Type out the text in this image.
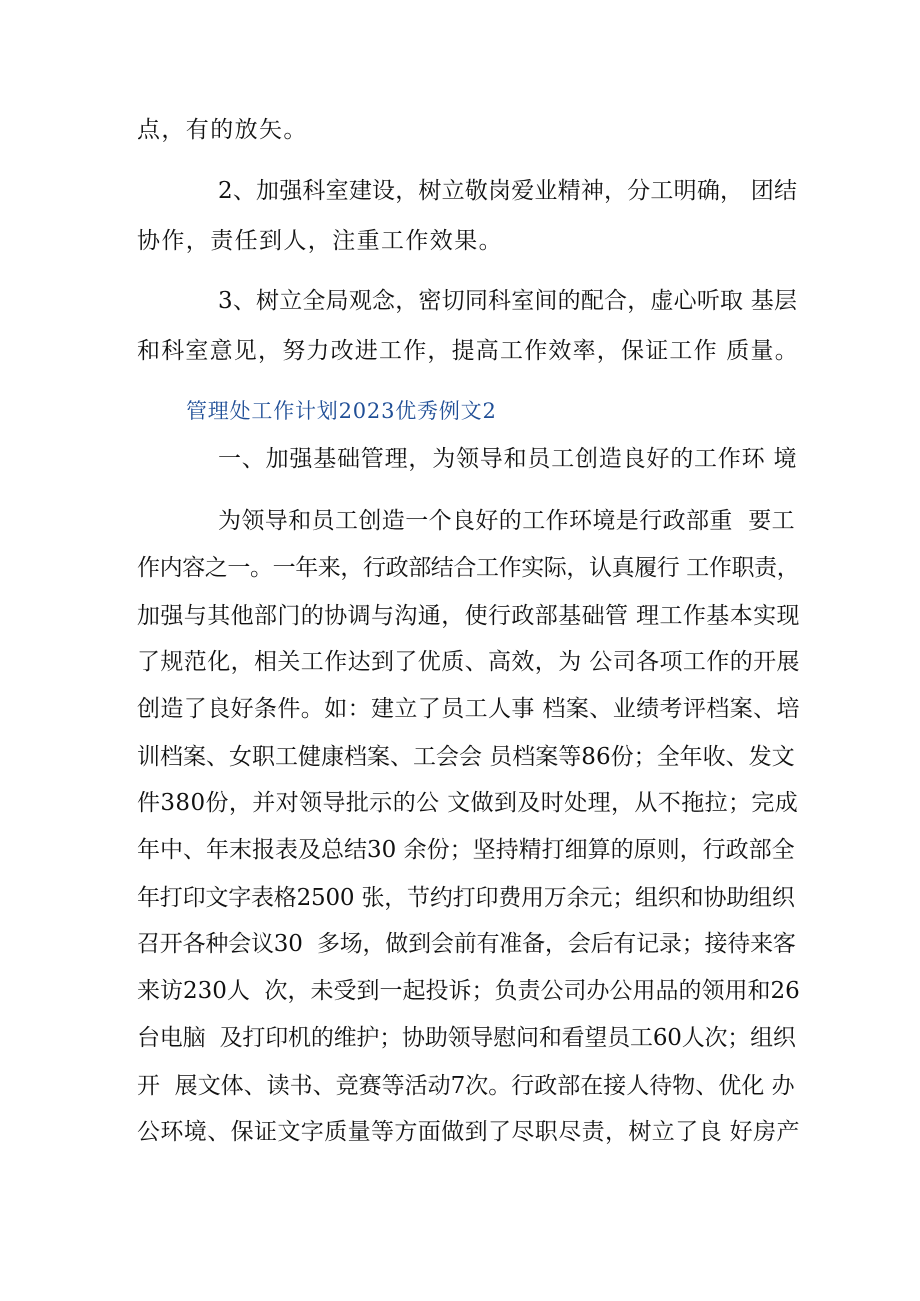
点，有的放矢。

2、加强科室建设，树立敬岗爱业精神，分工明确， 团结

协作，责任到人，注重工作效果。

3、树立全局观念，密切同科室间的配合，虚心听取 基层

和科室意见，努力改进工作，提高工作效率，保证工作 质量。

管理处工作计划2023优秀例文2

一、加强基础管理，为领导和员工创造良好的工作环 境

为领导和员工创造一个良好的工作环境是行政部重  要工

作内容之一。一年来，行政部结合工作实际，认真履行 工作职责，

加强与其他部门的协调与沟通，使行政部基础管 理工作基本实现

了规范化，相关工作达到了优质、高效，为 公司各项工作的开展

创造了良好条件。如：建立了员工人事 档案、业绩考评档案、培

训档案、女职工健康档案、工会会 员档案等86份；全年收、发文

件380份，并对领导批示的公 文做到及时处理，从不拖拉；完成

年中、年末报表及总结30 余份；坚持精打细算的原则，行政部全

年打印文字表格2500 张，节约打印费用万余元；组织和协助组织

召开各种会议30  多场，做到会前有准备，会后有记录；接待来客

来访230人  次，未受到一起投诉；负责公司办公用品的领用和26

台电脑  及打印机的维护；协助领导慰问和看望员工60人次；组织

开  展文体、读书、竞赛等活动7次。行政部在接人待物、优化 办

公环境、保证文字质量等方面做到了尽职尽责，树立了良 好房产
